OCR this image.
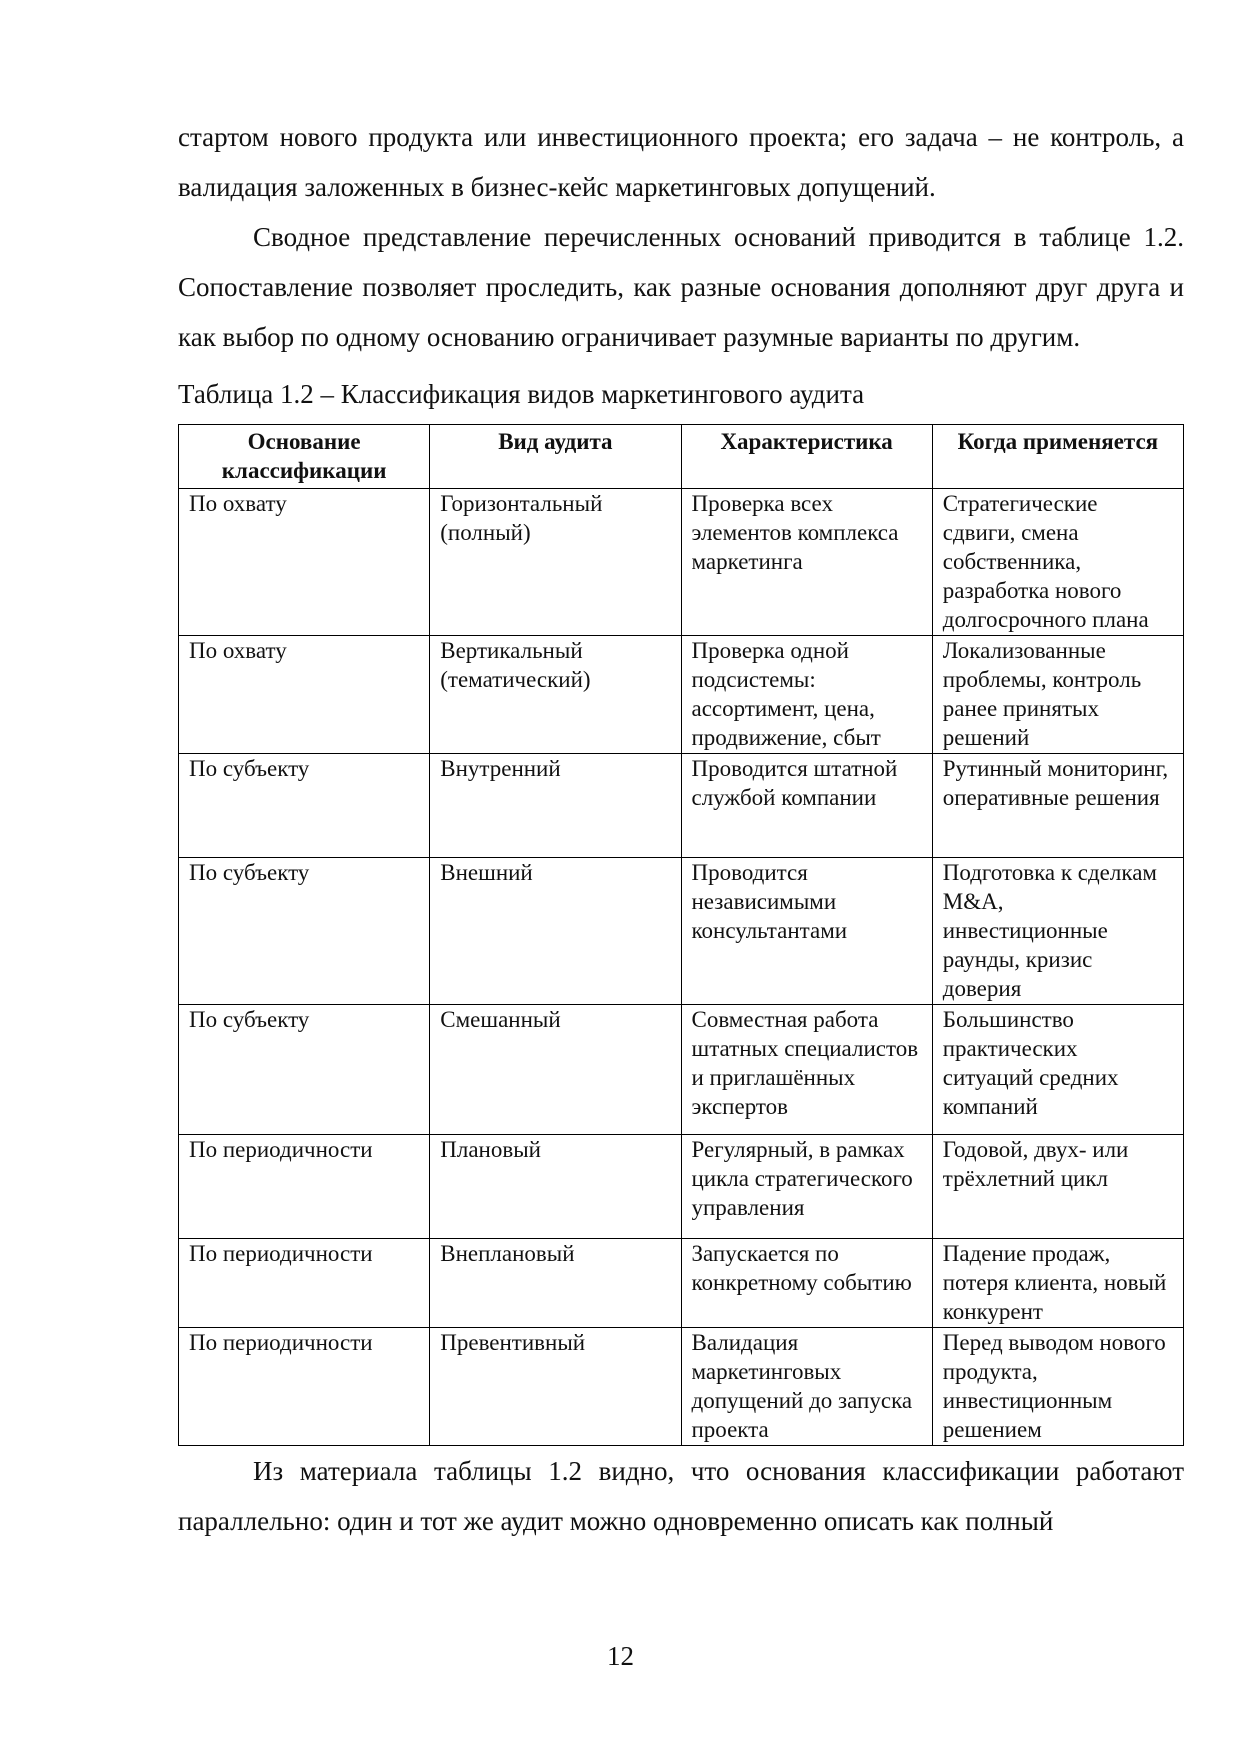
стартом нового продукта или инвестиционного проекта; его задача – не контроль, а валидация заложенных в бизнес-кейс маркетинговых допущений.

Сводное представление перечисленных оснований приводится в таблице 1.2. Сопоставление позволяет проследить, как разные основания дополняют друг друга и как выбор по одному основанию ограничивает разумные варианты по другим.

Таблица 1.2 – Классификация видов маркетингового аудита
Основание классификации	Вид аудита	Характеристика	Когда применяется
По охвату	Горизонтальный (полный)	Проверка всех элементов комплекса маркетинга	Стратегические сдвиги, смена собственника, разработка нового долгосрочного плана
По охвату	Вертикальный (тематический)	Проверка одной подсистемы: ассортимент, цена, продвижение, сбыт	Локализованные проблемы, контроль ранее принятых решений
По субъекту	Внутренний	Проводится штатной службой компании	Рутинный мониторинг, оперативные решения
По субъекту	Внешний	Проводится независимыми консультантами	Подготовка к сделкам M&A, инвестиционные раунды, кризис доверия
По субъекту	Смешанный	Совместная работа штатных специалистов и приглашённых экспертов	Большинство практических ситуаций средних компаний
По периодичности	Плановый	Регулярный, в рамках цикла стратегического управления	Годовой, двух- или трёхлетний цикл
По периодичности	Внеплановый	Запускается по конкретному событию	Падение продаж, потеря клиента, новый конкурент
По периодичности	Превентивный	Валидация маркетинговых допущений до запуска проекта	Перед выводом нового продукта, инвестиционным решением

Из материала таблицы 1.2 видно, что основания классификации работают параллельно: один и тот же аудит можно одновременно описать как полный

12
